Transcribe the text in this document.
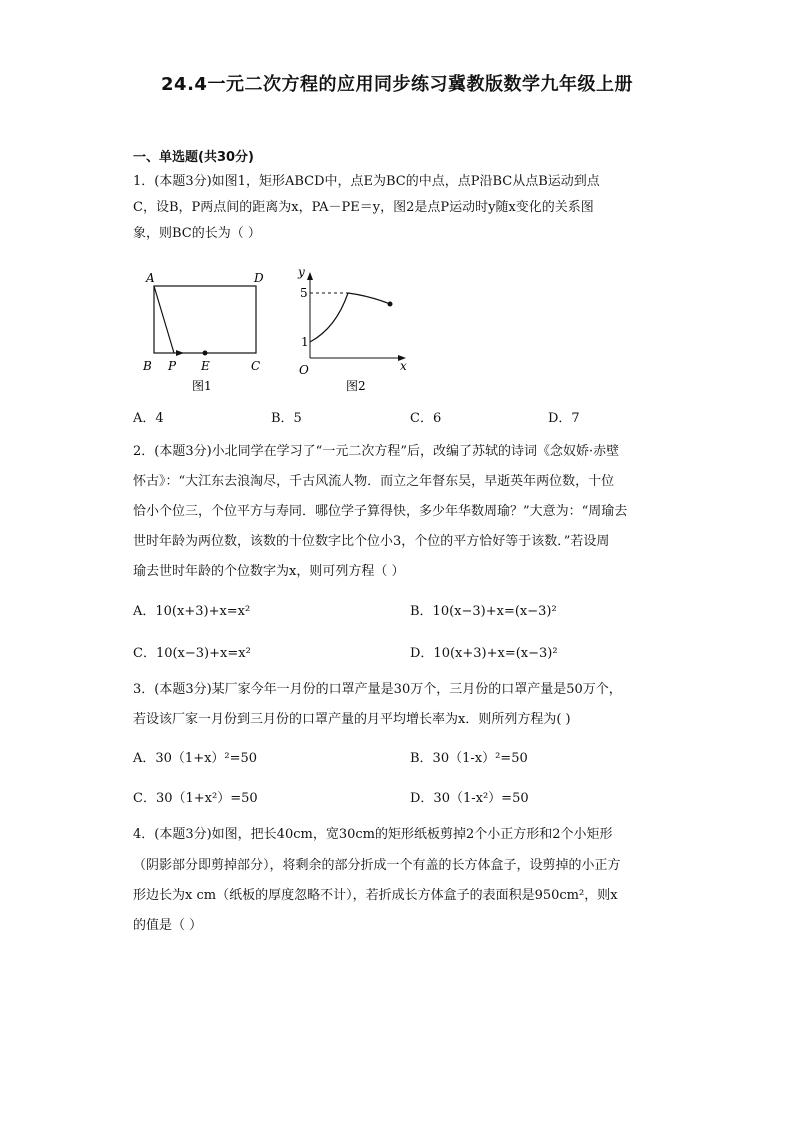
24.4一元二次方程的应用同步练习冀教版数学九年级上册
一、单选题(共30分)
1．(本题3分)如图1，矩形ABCD中，点E为BC的中点，点P沿BC从点B运动到点
C，设B，P两点间的距离为x，PA－PE＝y，图2是点P运动时y随x变化的关系图
象，则BC的长为（ ）
A	D
B P E	C
图1
y
x
5
1
O
图2
A．4	B．5	C．6	D．7
2．(本题3分)小北同学在学习了“一元二次方程”后，改编了苏轼的诗词《念奴娇·赤壁
怀古》：“大江东去浪淘尽，千古风流人物．而立之年督东吴，早逝英年两位数，十位
恰小个位三，个位平方与寿同．哪位学子算得快，多少年华数周瑜？”大意为：“周瑜去
世时年龄为两位数，该数的十位数字比个位小3，个位的平方恰好等于该数．”若设周
瑜去世时年龄的个位数字为x，则可列方程（ ）
A．10(x+3)+x=x²	B．10(x−3)+x=(x−3)²
C．10(x−3)+x=x²	D．10(x+3)+x=(x−3)²
3．(本题3分)某厂家今年一月份的口罩产量是30万个，三月份的口罩产量是50万个，
若设该厂家一月份到三月份的口罩产量的月平均增长率为x．则所列方程为( )
A．30（1+x）²=50	B．30（1-x）²=50
C．30（1+x²）=50	D．30（1-x²）=50
4．(本题3分)如图，把长40cm，宽30cm的矩形纸板剪掉2个小正方形和2个小矩形
（阴影部分即剪掉部分），将剩余的部分折成一个有盖的长方体盒子，设剪掉的小正方
形边长为x cm（纸板的厚度忽略不计），若折成长方体盒子的表面积是950cm²，则x
的值是（ ）
